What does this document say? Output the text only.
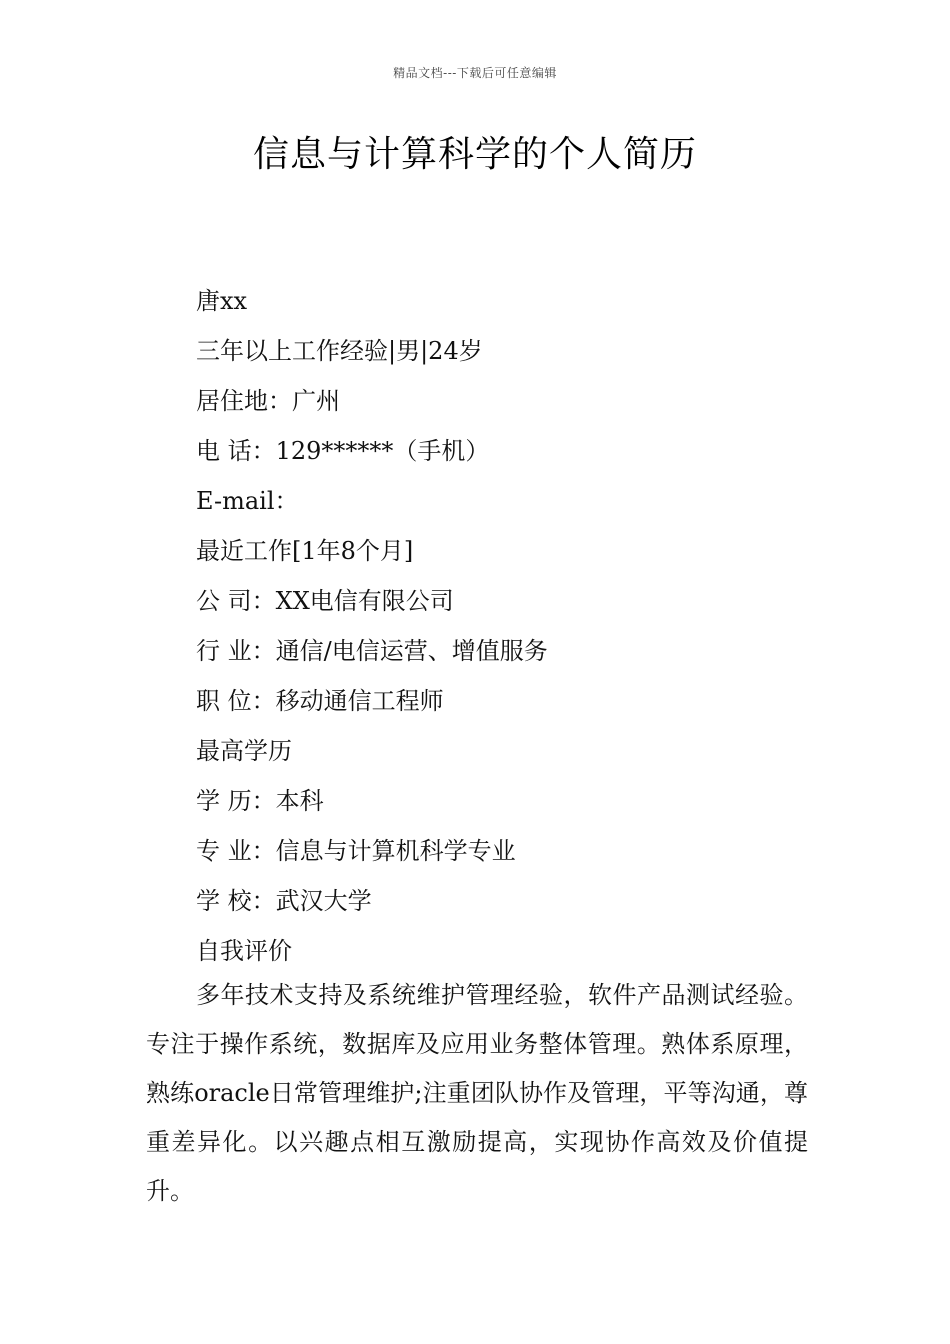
精品文档---下载后可任意编辑
信息与计算科学的个人简历
唐xx
三年以上工作经验|男|24岁
居住地：广州
电 话：129******（手机）
E-mail：
最近工作[1年8个月]
公 司：XX电信有限公司
行 业：通信/电信运营、增值服务
职 位：移动通信工程师
最高学历
学 历：本科
专 业：信息与计算机科学专业
学 校：武汉大学
自我评价

多年技术支持及系统维护管理经验，软件产品测试经验。专注于操作系统，数据库及应用业务整体管理。熟体系原理，熟练oracle日常管理维护;注重团队协作及管理，平等沟通，尊重差异化。以兴趣点相互激励提高，实现协作高效及价值提升。
